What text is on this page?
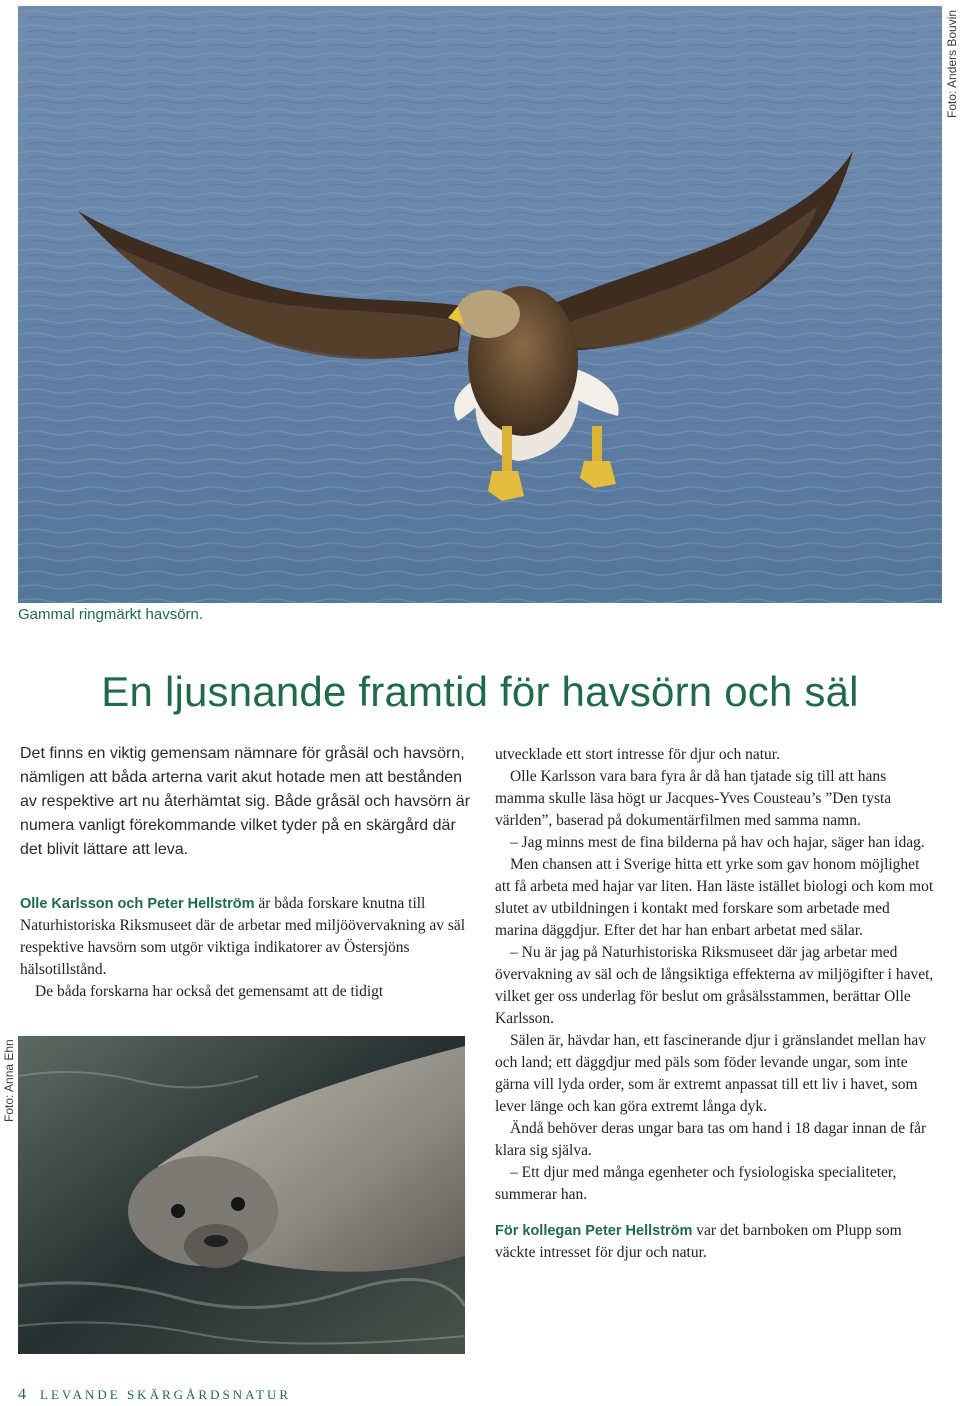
Foto: Anders Bouvin
Gammal ringmärkt havsörn.
En ljusnande framtid för havsörn och säl
Det finns en viktig gemensam nämnare för gråsäl och havsörn, nämligen att båda arterna varit akut hotade men att bestånden av respektive art nu återhämtat sig. Både gråsäl och havsörn är numera vanligt förekommande vilket tyder på en skärgård där det blivit lättare att leva.

Olle Karlsson och Peter Hellström är båda forskare knutna till Naturhistoriska Riksmuseet där de arbetar med miljöövervakning av säl respektive havsörn som utgör viktiga indikatorer av Östersjöns hälsotillstånd.

De båda forskarna har också det gemensamt att de tidigt

Foto: Anna Ehn

utvecklade ett stort intresse för djur och natur.

Olle Karlsson vara bara fyra år då han tjatade sig till att hans mamma skulle läsa högt ur Jacques-Yves Cousteau’s ”Den tysta världen”, baserad på dokumentärfilmen med samma namn.

– Jag minns mest de fina bilderna på hav och hajar, säger han idag.

Men chansen att i Sverige hitta ett yrke som gav honom möjlighet att få arbeta med hajar var liten. Han läste istället biologi och kom mot slutet av utbildningen i kontakt med forskare som arbetade med marina däggdjur. Efter det har han enbart arbetat med sälar.

– Nu är jag på Naturhistoriska Riksmuseet där jag arbetar med övervakning av säl och de långsiktiga effekterna av miljögifter i havet, vilket ger oss underlag för beslut om gråsälsstammen, berättar Olle Karlsson.

Sälen är, hävdar han, ett fascinerande djur i gränslandet mellan hav och land; ett däggdjur med päls som föder levande ungar, som inte gärna vill lyda order, som är extremt anpassat till ett liv i havet, som lever länge och kan göra extremt långa dyk.

Ändå behöver deras ungar bara tas om hand i 18 dagar innan de får klara sig själva.

– Ett djur med många egenheter och fysiologiska specialiteter, summerar han.

För kollegan Peter Hellström var det barnboken om Plupp som väckte intresset för djur och natur.

4 LEVANDE SKÄRGÅRDSNATUR
